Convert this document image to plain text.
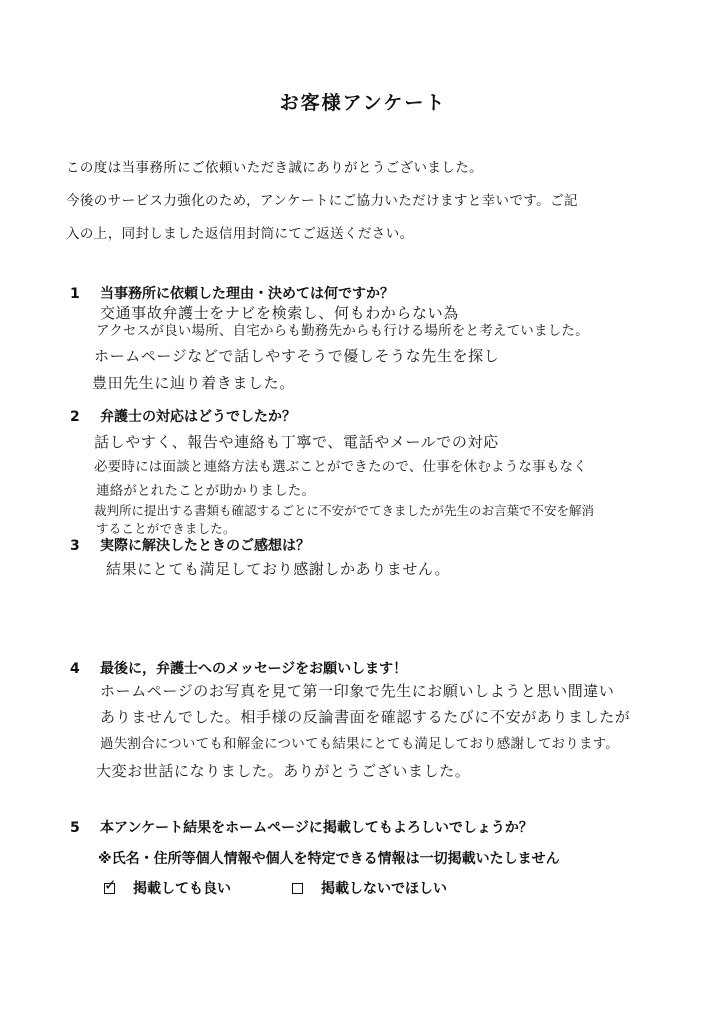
お客様アンケート
この度は当事務所にご依頼いただき誠にありがとうございました。
今後のサービス力強化のため，アンケートにご協力いただけますと幸いです。ご記
入の上，同封しました返信用封筒にてご返送ください。
1 当事務所に依頼した理由・決めては何ですか？
交通事故弁護士をナビを検索し、何もわからない為
アクセスが良い場所、自宅からも勤務先からも行ける場所をと考えていました。
ホームページなどで話しやすそうで優しそうな先生を探し
豊田先生に辿り着きました。
2 弁護士の対応はどうでしたか？
話しやすく、報告や連絡も丁寧で、電話やメールでの対応
必要時には面談と連絡方法も選ぶことができたので、仕事を休むような事もなく
連絡がとれたことが助かりました。
裁判所に提出する書類も確認するごとに不安がでてきましたが先生のお言葉で不安を解消
することができました。
3 実際に解決したときのご感想は？
結果にとても満足しており感謝しかありません。
4 最後に，弁護士へのメッセージをお願いします！
ホームページのお写真を見て第一印象で先生にお願いしようと思い間違い
ありませんでした。相手様の反論書面を確認するたびに不安がありましたが
過失割合についても和解金についても結果にとても満足しており感謝しております。
大変お世話になりました。ありがとうございました。
5 本アンケート結果をホームページに掲載してもよろしいでしょうか？
※氏名・住所等個人情報や個人を特定できる情報は一切掲載いたしません
✓ 掲載しても良い	掲載しないでほしい
